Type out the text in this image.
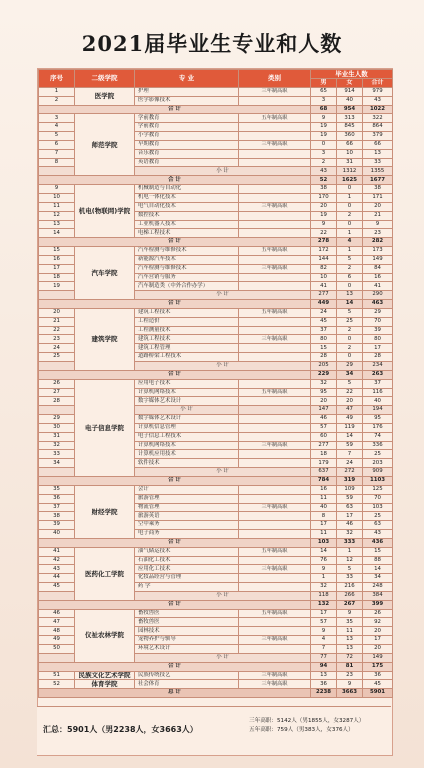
2021届毕业生专业和人数
序号	二级学院	专 业	类别	毕业生人数		
				男	女	合计
1	医学院	护理	三年制高职	65	914	979
2		医学影像技术		3	40	43
合 计				68	954	1022
3	师范学院	学前教育	五年制高职	9	313	322
4		学前教育		19	845	864
5		小学教育		19	360	379
6		早期教育	三年制高职	0	66	66
7		音乐教育		3	10	13
8		英语教育		2	31	33
		小 计		43	1312	1355
合 计				52	1625	1677
9	机电(物联网)学院	机械制造与自动化		38	0	38
10		机电一体化技术		170	1	171
11		电气自动化技术	三年制高职	20	0	20
12		数控技术		19	2	21
13		工业机器人技术		9	0	9
14		电梯工程技术		22	1	23
合 计				278	4	282
15	汽车学院	汽车检测与维修技术	五年制高职	172	1	173
16		新能源汽车技术		144	5	149
17		汽车检测与维修技术	三年制高职	82	2	84
18		汽车营销与服务		10	6	16
19		汽车制造类（中外合作办学）		41	0	41
		小 计		277	13	290
合 计				449	14	463
20	建筑学院	建筑工程技术	五年制高职	24	5	29
21		工程造价		45	25	70
22		工程测量技术		37	2	39
23		建筑工程技术	三年制高职	80	0	80
24		建筑工程管理		15	2	17
25		道路桥梁工程技术		28	0	28
		小 计		205	29	234
合 计				229	34	263
26	电子信息学院	应用电子技术		32	5	37
27		计算机网络技术	五年制高职	95	22	116
28		数字媒体艺术设计		20	20	40
		小 计		147	47	194
29		数字媒体艺术设计		46	49	95
30		计算机信息管理		57	119	176
31		电子信息工程技术		60	14	74
32		计算机网络技术	三年制高职	277	59	336
33		计算机应用技术		18	7	25
34		软件技术		179	24	203
		小 计		637	272	909
合 计				784	319	1103
35	财经学院	会计		16	109	125
36		旅游管理		11	59	70
37		物流管理	三年制高职	40	63	103
38		旅游英语		8	17	25
39		空中乘务		17	46	63
40		电子商务		11	32	43
合 计				103	333	436
41	医药化工学院	油气储运技术	五年制高职	14	1	15
42		石油化工技术		76	12	88
43		应用化工技术	三年制高职	9	5	14
44		化妆品经营与管理		1	33	34
45		药 学		32	216	248
		小 计		118	266	384
合 计				132	267	399
46	仪祉农林学院	畜牧兽医	五年制高职	17	9	26
47		畜牧兽医		57	35	92
48		园林技术		9	11	20
49		宠物养护与驯导	三年制高职	4	13	17
50		环境艺术设计		7	13	20
		小 计		77	72	149
合 计				94	81	175
51	民族文化艺术学院	民族传统技艺	三年制高职	13	23	36
52	体育学院	社会体育	三年制高职	36	9	45
总 计				2238	3663	5901
汇总：5901人（男2238人，女3663人）
三年高职：5142人（男1855人，女3287人）
五年高职：759人（男383人，女376人）
